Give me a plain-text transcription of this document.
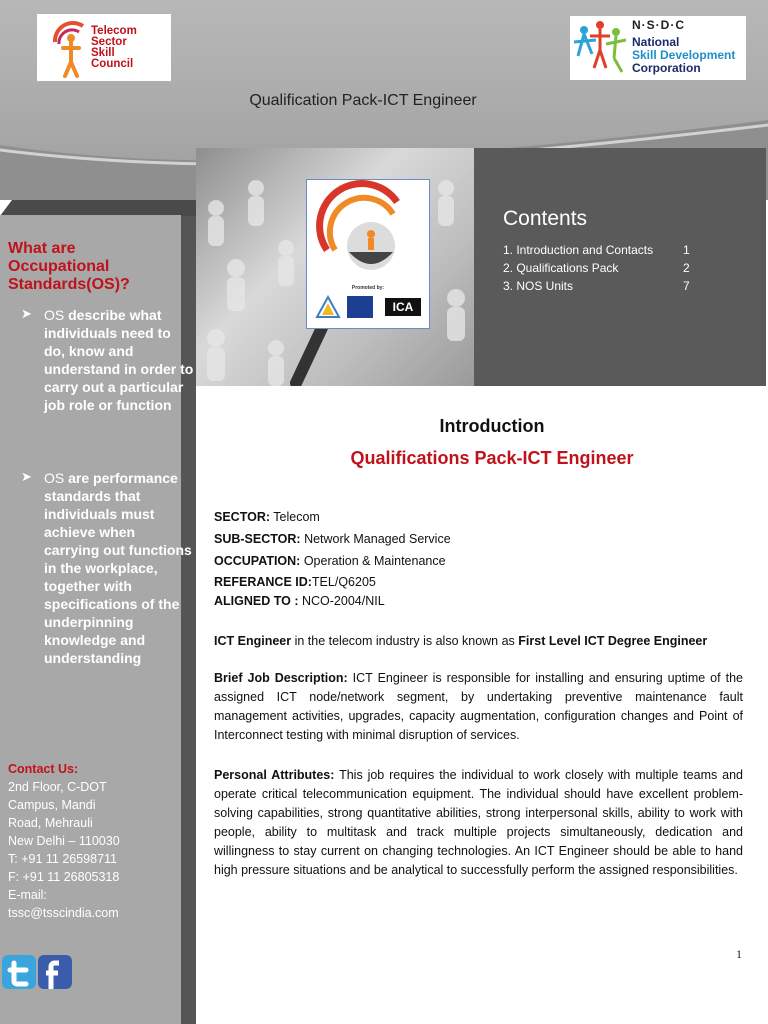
Telecom
Sector
Skill
Council
N·S·D·C
National
Skill Development
Corporation
Qualification Pack-ICT Engineer
Promoted by:
ICA
Contents
1. Introduction and Contacts 1
2. Qualifications Pack	2
3. NOS Units	7
What are Occupational Standards(OS)?
➤ OS describe what individuals need to do, know and understand in order to carry out a particular job role or function
➤ OS are performance standards that individuals must achieve when carrying out functions in the workplace, together with specifications of the underpinning knowledge and understanding
Contact Us:
2nd Floor, C-DOT
Campus, Mandi
Road, Mehrauli
New Delhi – 110030
T: +91 11 26598711
F: +91 11 26805318
E-mail:
tssc@tsscindia.com
Introduction
Qualifications Pack-ICT Engineer
SECTOR: Telecom
SUB-SECTOR: Network Managed Service
OCCUPATION: Operation & Maintenance
REFERANCE ID:TEL/Q6205
ALIGNED TO : NCO-2004/NIL
ICT Engineer in the telecom industry is also known as First Level ICT Degree Engineer
Brief Job Description: ICT Engineer is responsible for installing and ensuring uptime of the assigned ICT node/network segment, by undertaking preventive maintenance fault management activities, upgrades, capacity augmentation, configuration changes and Point of Interconnect testing with minimal disruption of services.
Personal Attributes: This job requires the individual to work closely with multiple teams and operate critical telecommunication equipment. The individual should have excellent problem-solving capabilities, strong quantitative abilities, strong interpersonal skills, ability to work with people, ability to multitask and track multiple projects simultaneously, dedication and willingness to stay current on changing technologies. An ICT Engineer should be able to hand high pressure situations and be analytical to successfully perform the assigned responsibilities.
1
